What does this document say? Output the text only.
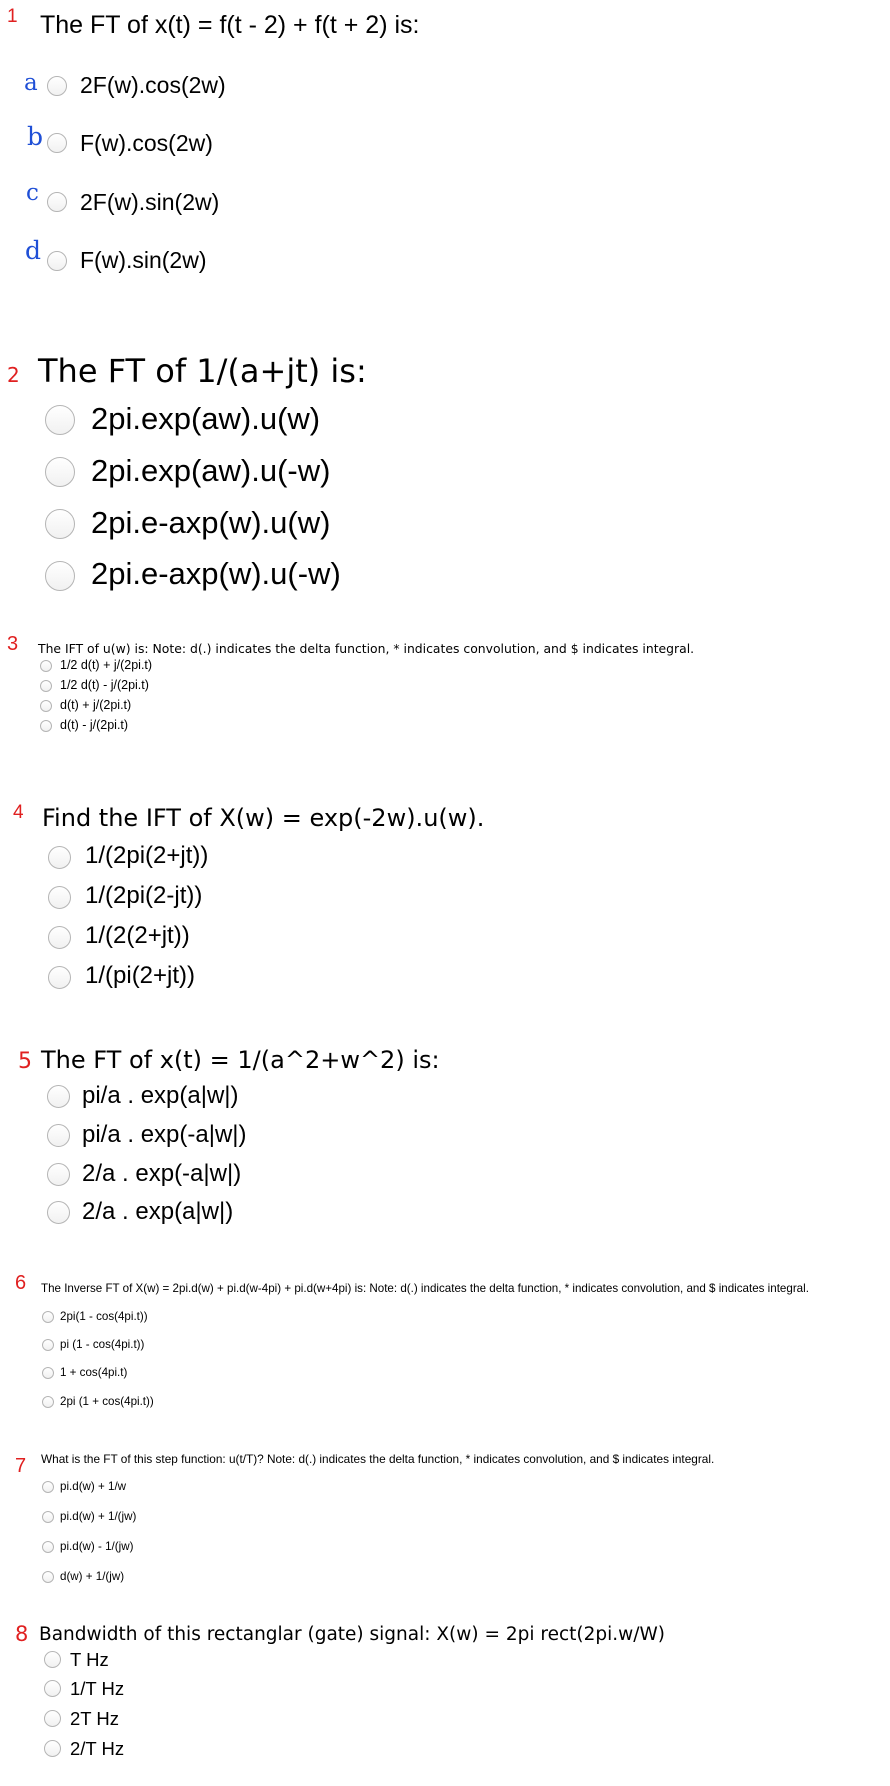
1 The FT of x(t) = f(t - 2) + f(t + 2) is:
a 2F(w).cos(2w)
b F(w).cos(2w)
c 2F(w).sin(2w)
d F(w).sin(2w)
2 The FT of 1/(a+jt) is:
2pi.exp(aw).u(w)
2pi.exp(aw).u(-w)
2pi.e-axp(w).u(w)
2pi.e-axp(w).u(-w)
3 The IFT of u(w) is: Note: d(.) indicates the delta function, * indicates convolution, and $ indicates integral.
1/2 d(t) + j/(2pi.t)
1/2 d(t) - j/(2pi.t)
d(t) + j/(2pi.t)
d(t) - j/(2pi.t)
4 Find the IFT of X(w) = exp(-2w).u(w).
1/(2pi(2+jt))
1/(2pi(2-jt))
1/(2(2+jt))
1/(pi(2+jt))
5 The FT of x(t) = 1/(a^2+w^2) is:
pi/a . exp(a|w|)
pi/a . exp(-a|w|)
2/a . exp(-a|w|)
2/a . exp(a|w|)
6 The Inverse FT of X(w) = 2pi.d(w) + pi.d(w-4pi) + pi.d(w+4pi) is: Note: d(.) indicates the delta function, * indicates convolution, and $ indicates integral.
2pi(1 - cos(4pi.t))
pi (1 - cos(4pi.t))
1 + cos(4pi.t)
2pi (1 + cos(4pi.t))
7 What is the FT of this step function: u(t/T)? Note: d(.) indicates the delta function, * indicates convolution, and $ indicates integral.
pi.d(w) + 1/w
pi.d(w) + 1/(jw)
pi.d(w) - 1/(jw)
d(w) + 1/(jw)
8 Bandwidth of this rectanglar (gate) signal: X(w) = 2pi rect(2pi.w/W)
T Hz
1/T Hz
2T Hz
2/T Hz
